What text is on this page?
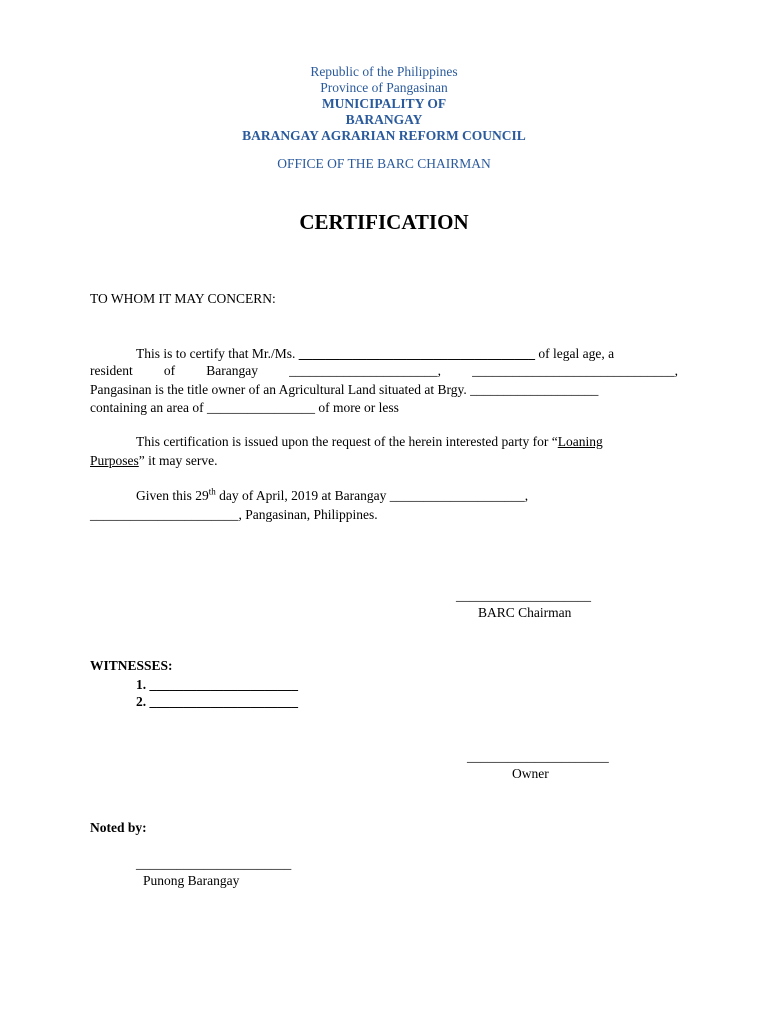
Republic of the Philippines
Province of Pangasinan
MUNICIPALITY OF
BARANGAY
BARANGAY AGRARIAN REFORM COUNCIL
OFFICE OF THE BARC CHAIRMAN
CERTIFICATION
TO WHOM IT MAY CONCERN:
This is to certify that Mr./Ms. ___________________________________ of legal age, a
resident of Barangay ______________________, ______________________________,
Pangasinan is the title owner of an Agricultural Land situated at Brgy. ___________________
containing an area of ________________ of more or less
This certification is issued upon the request of the herein interested party for “Loaning
Purposes” it may serve.
Given this 29th day of April, 2019 at Barangay ____________________,
______________________, Pangasinan, Philippines.
____________________
BARC Chairman
WITNESSES:
1. ______________________
2. ______________________
_____________________
Owner
Noted by:
_______________________
Punong Barangay
